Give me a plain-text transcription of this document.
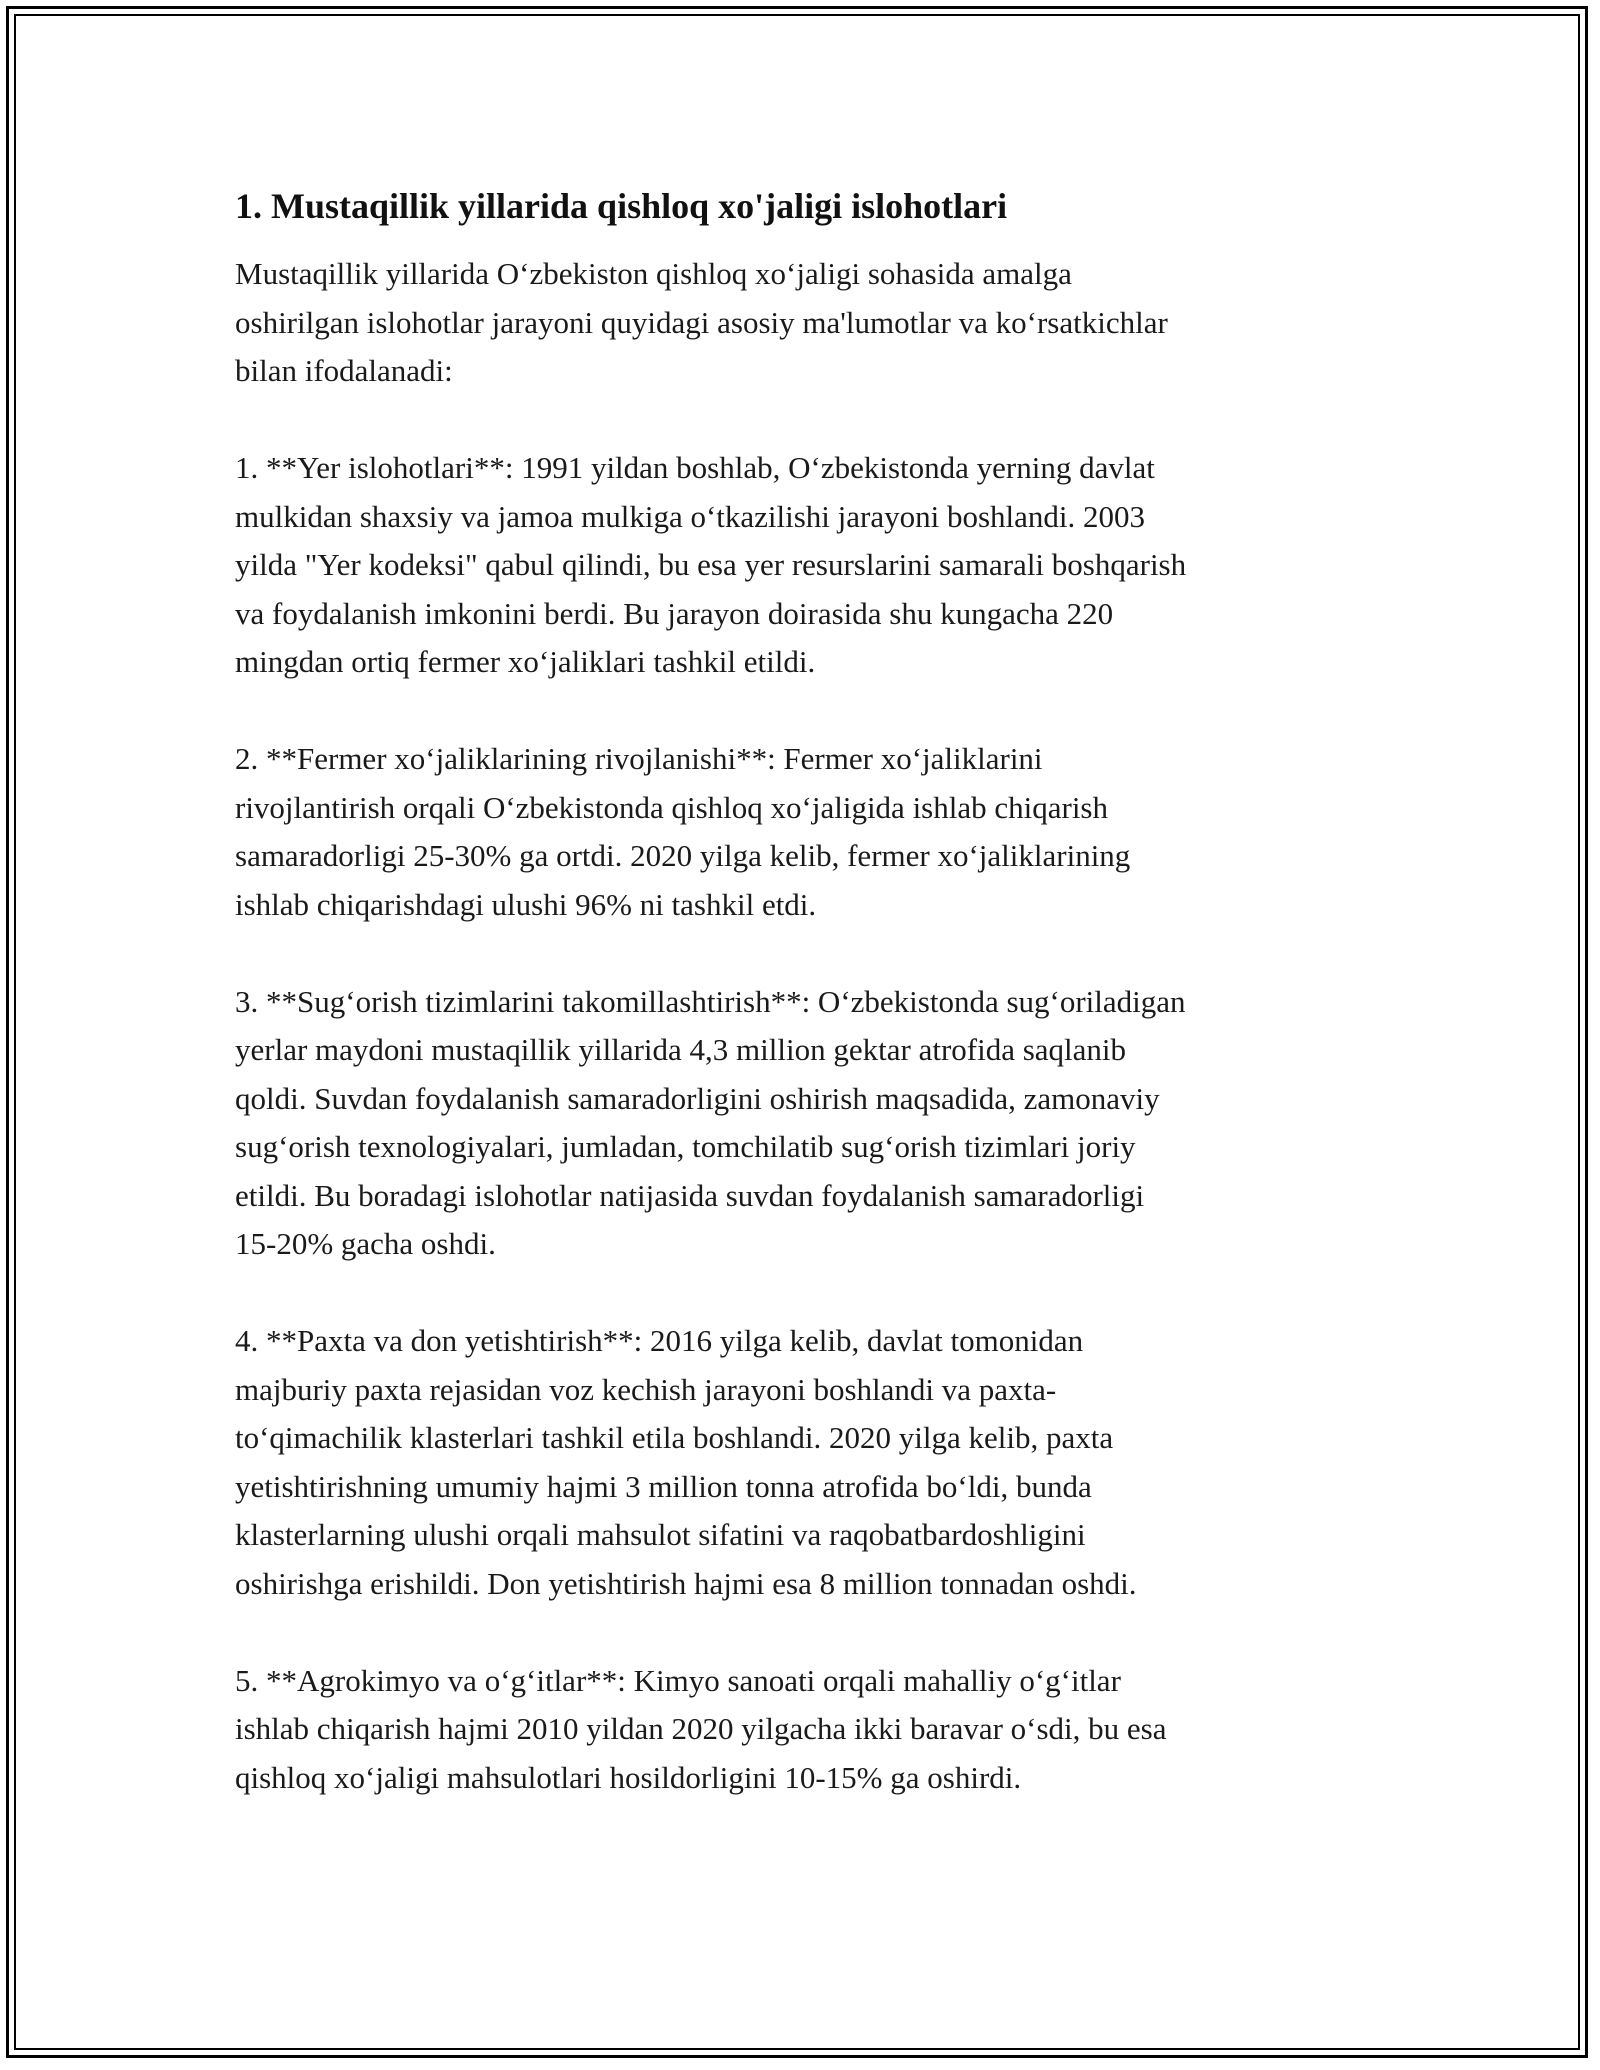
1. Mustaqillik yillarida qishloq xo'jaligi islohotlari

Mustaqillik yillarida O‘zbekiston qishloq xo‘jaligi sohasida amalga
oshirilgan islohotlar jarayoni quyidagi asosiy ma'lumotlar va ko‘rsatkichlar
bilan ifodalanadi:

1. **Yer islohotlari**: 1991 yildan boshlab, O‘zbekistonda yerning davlat
mulkidan shaxsiy va jamoa mulkiga o‘tkazilishi jarayoni boshlandi. 2003
yilda "Yer kodeksi" qabul qilindi, bu esa yer resurslarini samarali boshqarish
va foydalanish imkonini berdi. Bu jarayon doirasida shu kungacha 220
mingdan ortiq fermer xo‘jaliklari tashkil etildi.

2. **Fermer xo‘jaliklarining rivojlanishi**: Fermer xo‘jaliklarini
rivojlantirish orqali O‘zbekistonda qishloq xo‘jaligida ishlab chiqarish
samaradorligi 25-30% ga ortdi. 2020 yilga kelib, fermer xo‘jaliklarining
ishlab chiqarishdagi ulushi 96% ni tashkil etdi.

3. **Sug‘orish tizimlarini takomillashtirish**: O‘zbekistonda sug‘oriladigan
yerlar maydoni mustaqillik yillarida 4,3 million gektar atrofida saqlanib
qoldi. Suvdan foydalanish samaradorligini oshirish maqsadida, zamonaviy
sug‘orish texnologiyalari, jumladan, tomchilatib sug‘orish tizimlari joriy
etildi. Bu boradagi islohotlar natijasida suvdan foydalanish samaradorligi
15-20% gacha oshdi.

4. **Paxta va don yetishtirish**: 2016 yilga kelib, davlat tomonidan
majburiy paxta rejasidan voz kechish jarayoni boshlandi va paxta-
to‘qimachilik klasterlari tashkil etila boshlandi. 2020 yilga kelib, paxta
yetishtirishning umumiy hajmi 3 million tonna atrofida bo‘ldi, bunda
klasterlarning ulushi orqali mahsulot sifatini va raqobatbardoshligini
oshirishga erishildi. Don yetishtirish hajmi esa 8 million tonnadan oshdi.

5. **Agrokimyo va o‘g‘itlar**: Kimyo sanoati orqali mahalliy o‘g‘itlar
ishlab chiqarish hajmi 2010 yildan 2020 yilgacha ikki baravar o‘sdi, bu esa
qishloq xo‘jaligi mahsulotlari hosildorligini 10-15% ga oshirdi.
